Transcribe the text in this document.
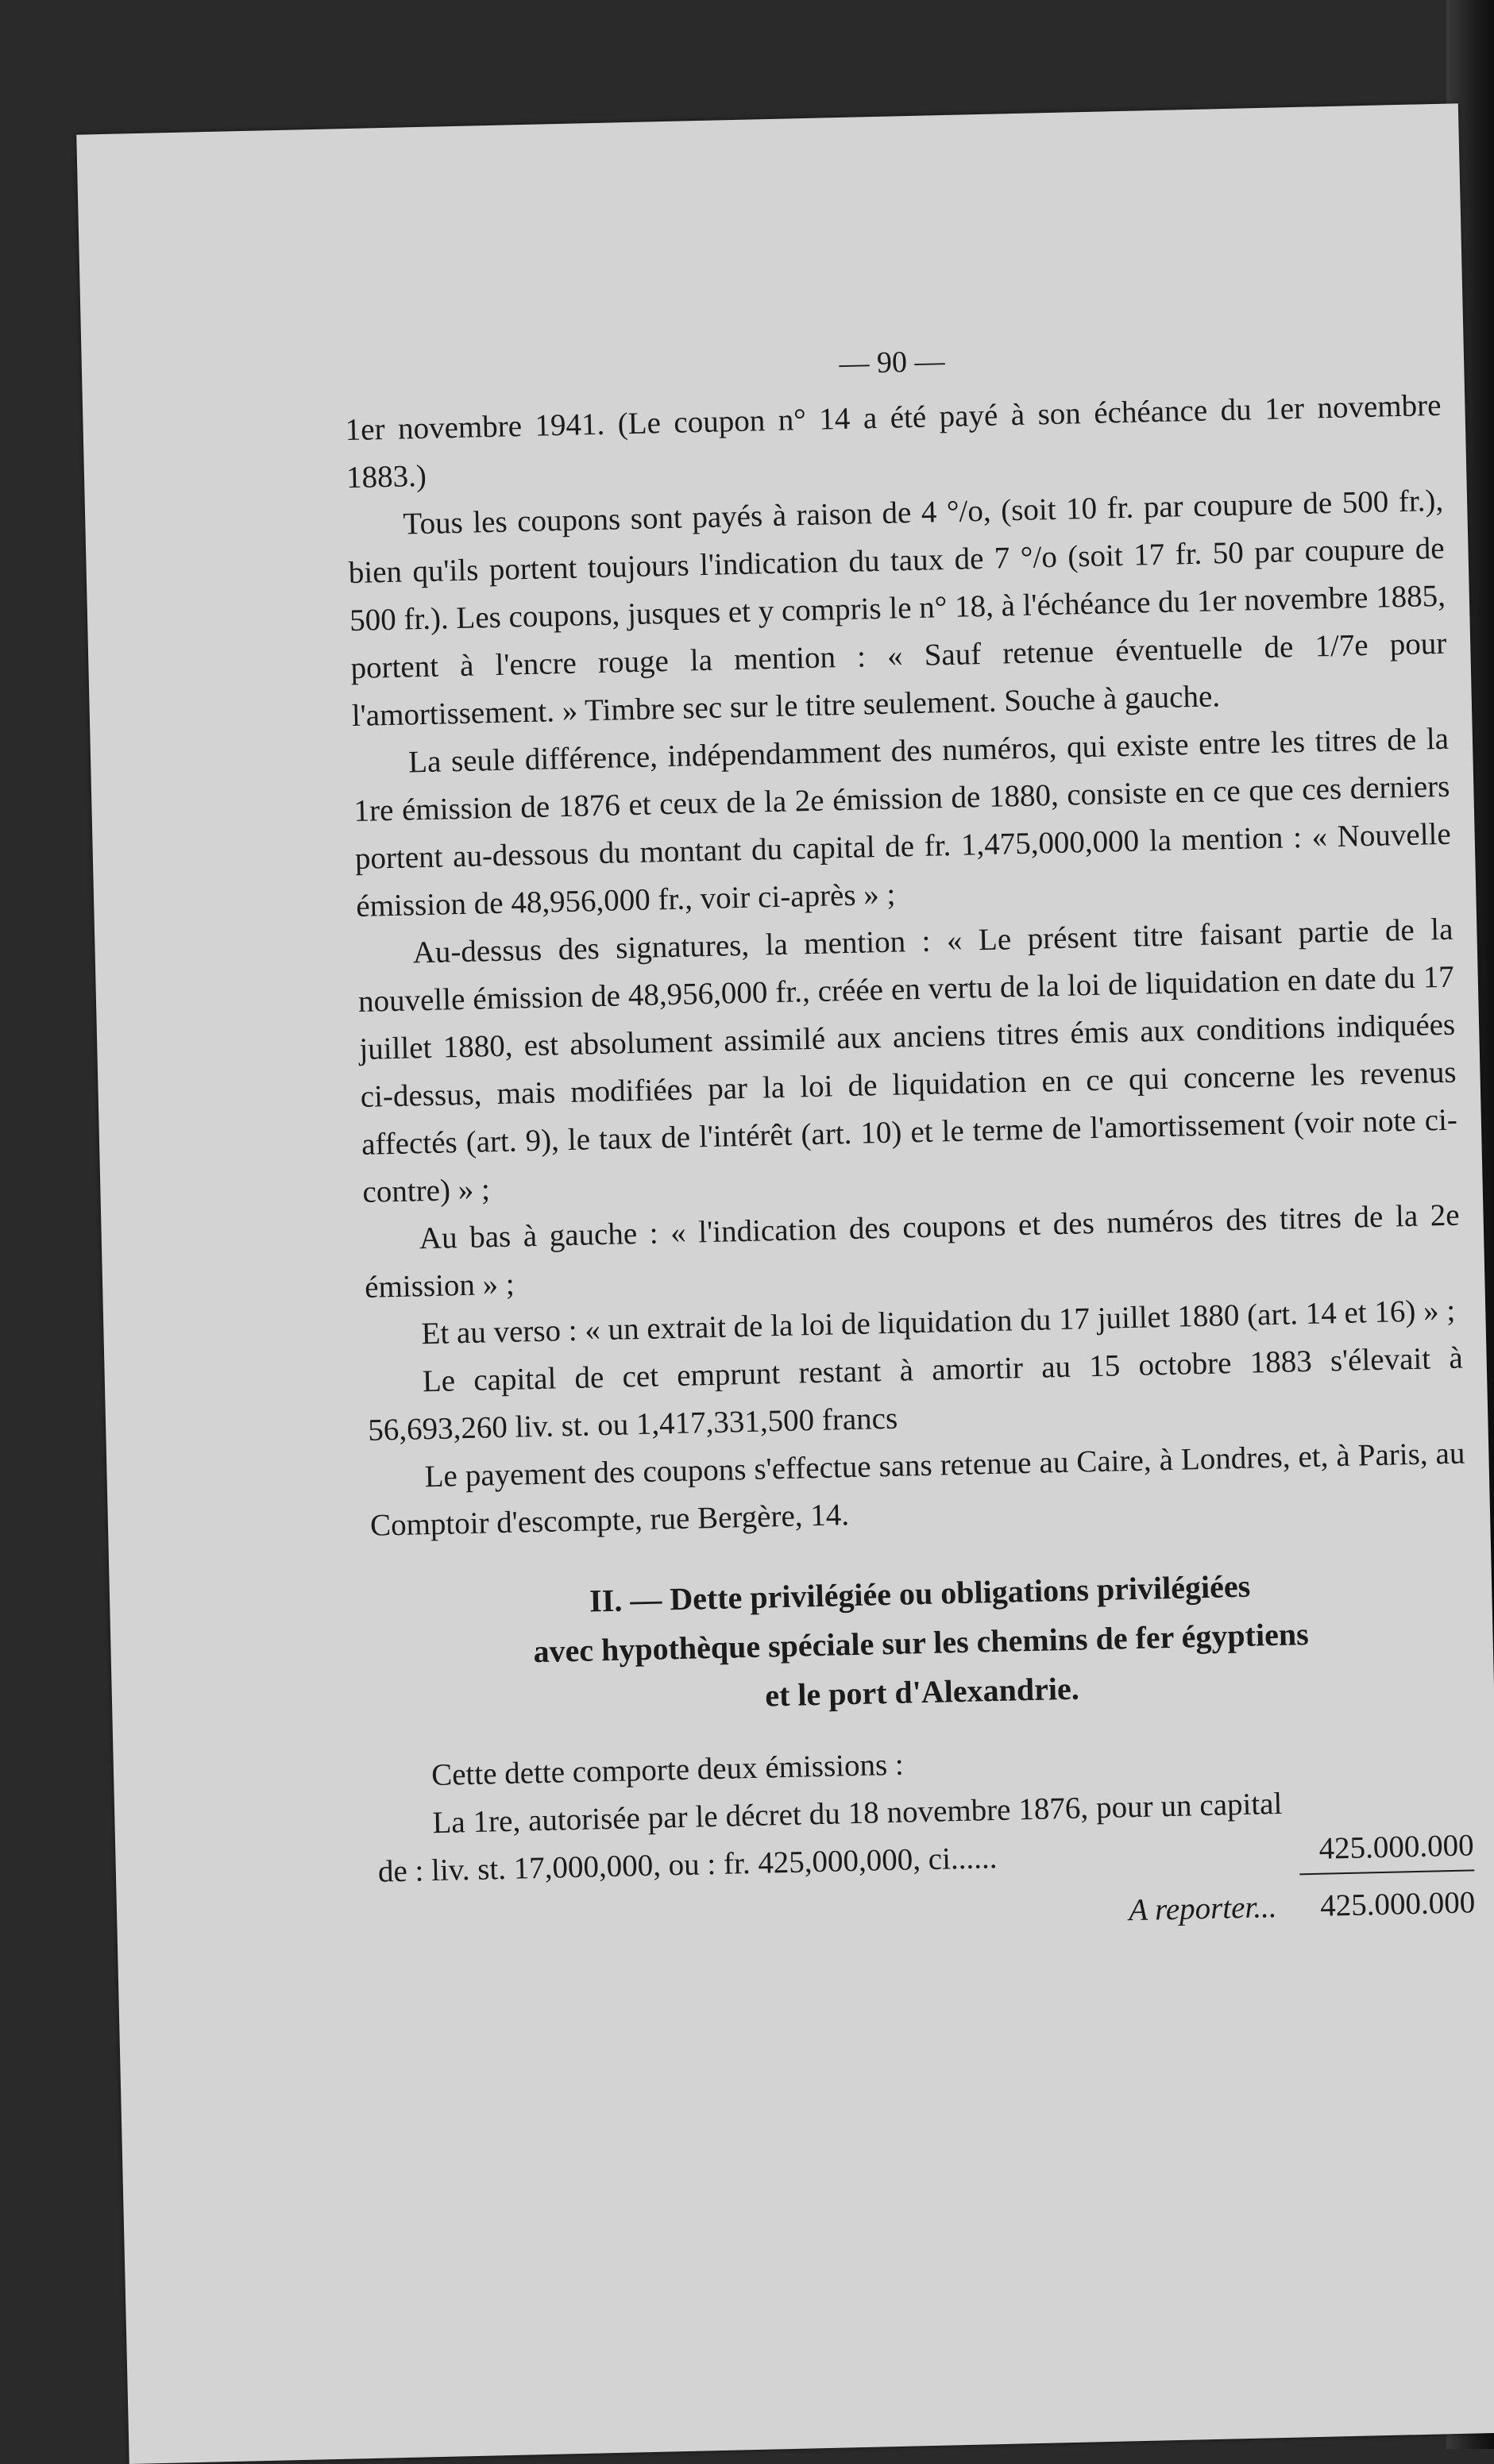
— 90 —

1er novembre 1941. (Le coupon n° 14 a été payé à son échéance du 1er novembre 1883.)

Tous les coupons sont payés à raison de 4 °/o, (soit 10 fr. par coupure de 500 fr.), bien qu'ils portent toujours l'indication du taux de 7 °/o (soit 17 fr. 50 par coupure de 500 fr.). Les coupons, jusques et y compris le n° 18, à l'échéance du 1er novembre 1885, portent à l'encre rouge la mention : « Sauf retenue éventuelle de 1/7e pour l'amortissement. » Timbre sec sur le titre seulement. Souche à gauche.

La seule différence, indépendamment des numéros, qui existe entre les titres de la 1re émission de 1876 et ceux de la 2e émission de 1880, consiste en ce que ces derniers portent au-dessous du montant du capital de fr. 1,475,000,000 la mention : « Nouvelle émission de 48,956,000 fr., voir ci-après » ;

Au-dessus des signatures, la mention : « Le présent titre faisant partie de la nouvelle émission de 48,956,000 fr., créée en vertu de la loi de liquidation en date du 17 juillet 1880, est absolument assimilé aux anciens titres émis aux conditions indiquées ci-dessus, mais modifiées par la loi de liquidation en ce qui concerne les revenus affectés (art. 9), le taux de l'intérêt (art. 10) et le terme de l'amortissement (voir note ci-contre) » ;

Au bas à gauche : « l'indication des coupons et des numéros des titres de la 2e émission » ;

Et au verso : « un extrait de la loi de liquidation du 17 juillet 1880 (art. 14 et 16) » ;

Le capital de cet emprunt restant à amortir au 15 octobre 1883 s'élevait à 56,693,260 liv. st. ou 1,417,331,500 francs

Le payement des coupons s'effectue sans retenue au Caire, à Londres, et, à Paris, au Comptoir d'escompte, rue Bergère, 14.

II. — Dette privilégiée ou obligations privilégiées
avec hypothèque spéciale sur les chemins de fer égyptiens
et le port d'Alexandrie.

Cette dette comporte deux émissions :

La 1re, autorisée par le décret du 18 novembre 1876, pour un capital de : liv. st. 17,000,000, ou : fr. 425,000,000, ci......	425.000.000
A reporter... 425.000.000
